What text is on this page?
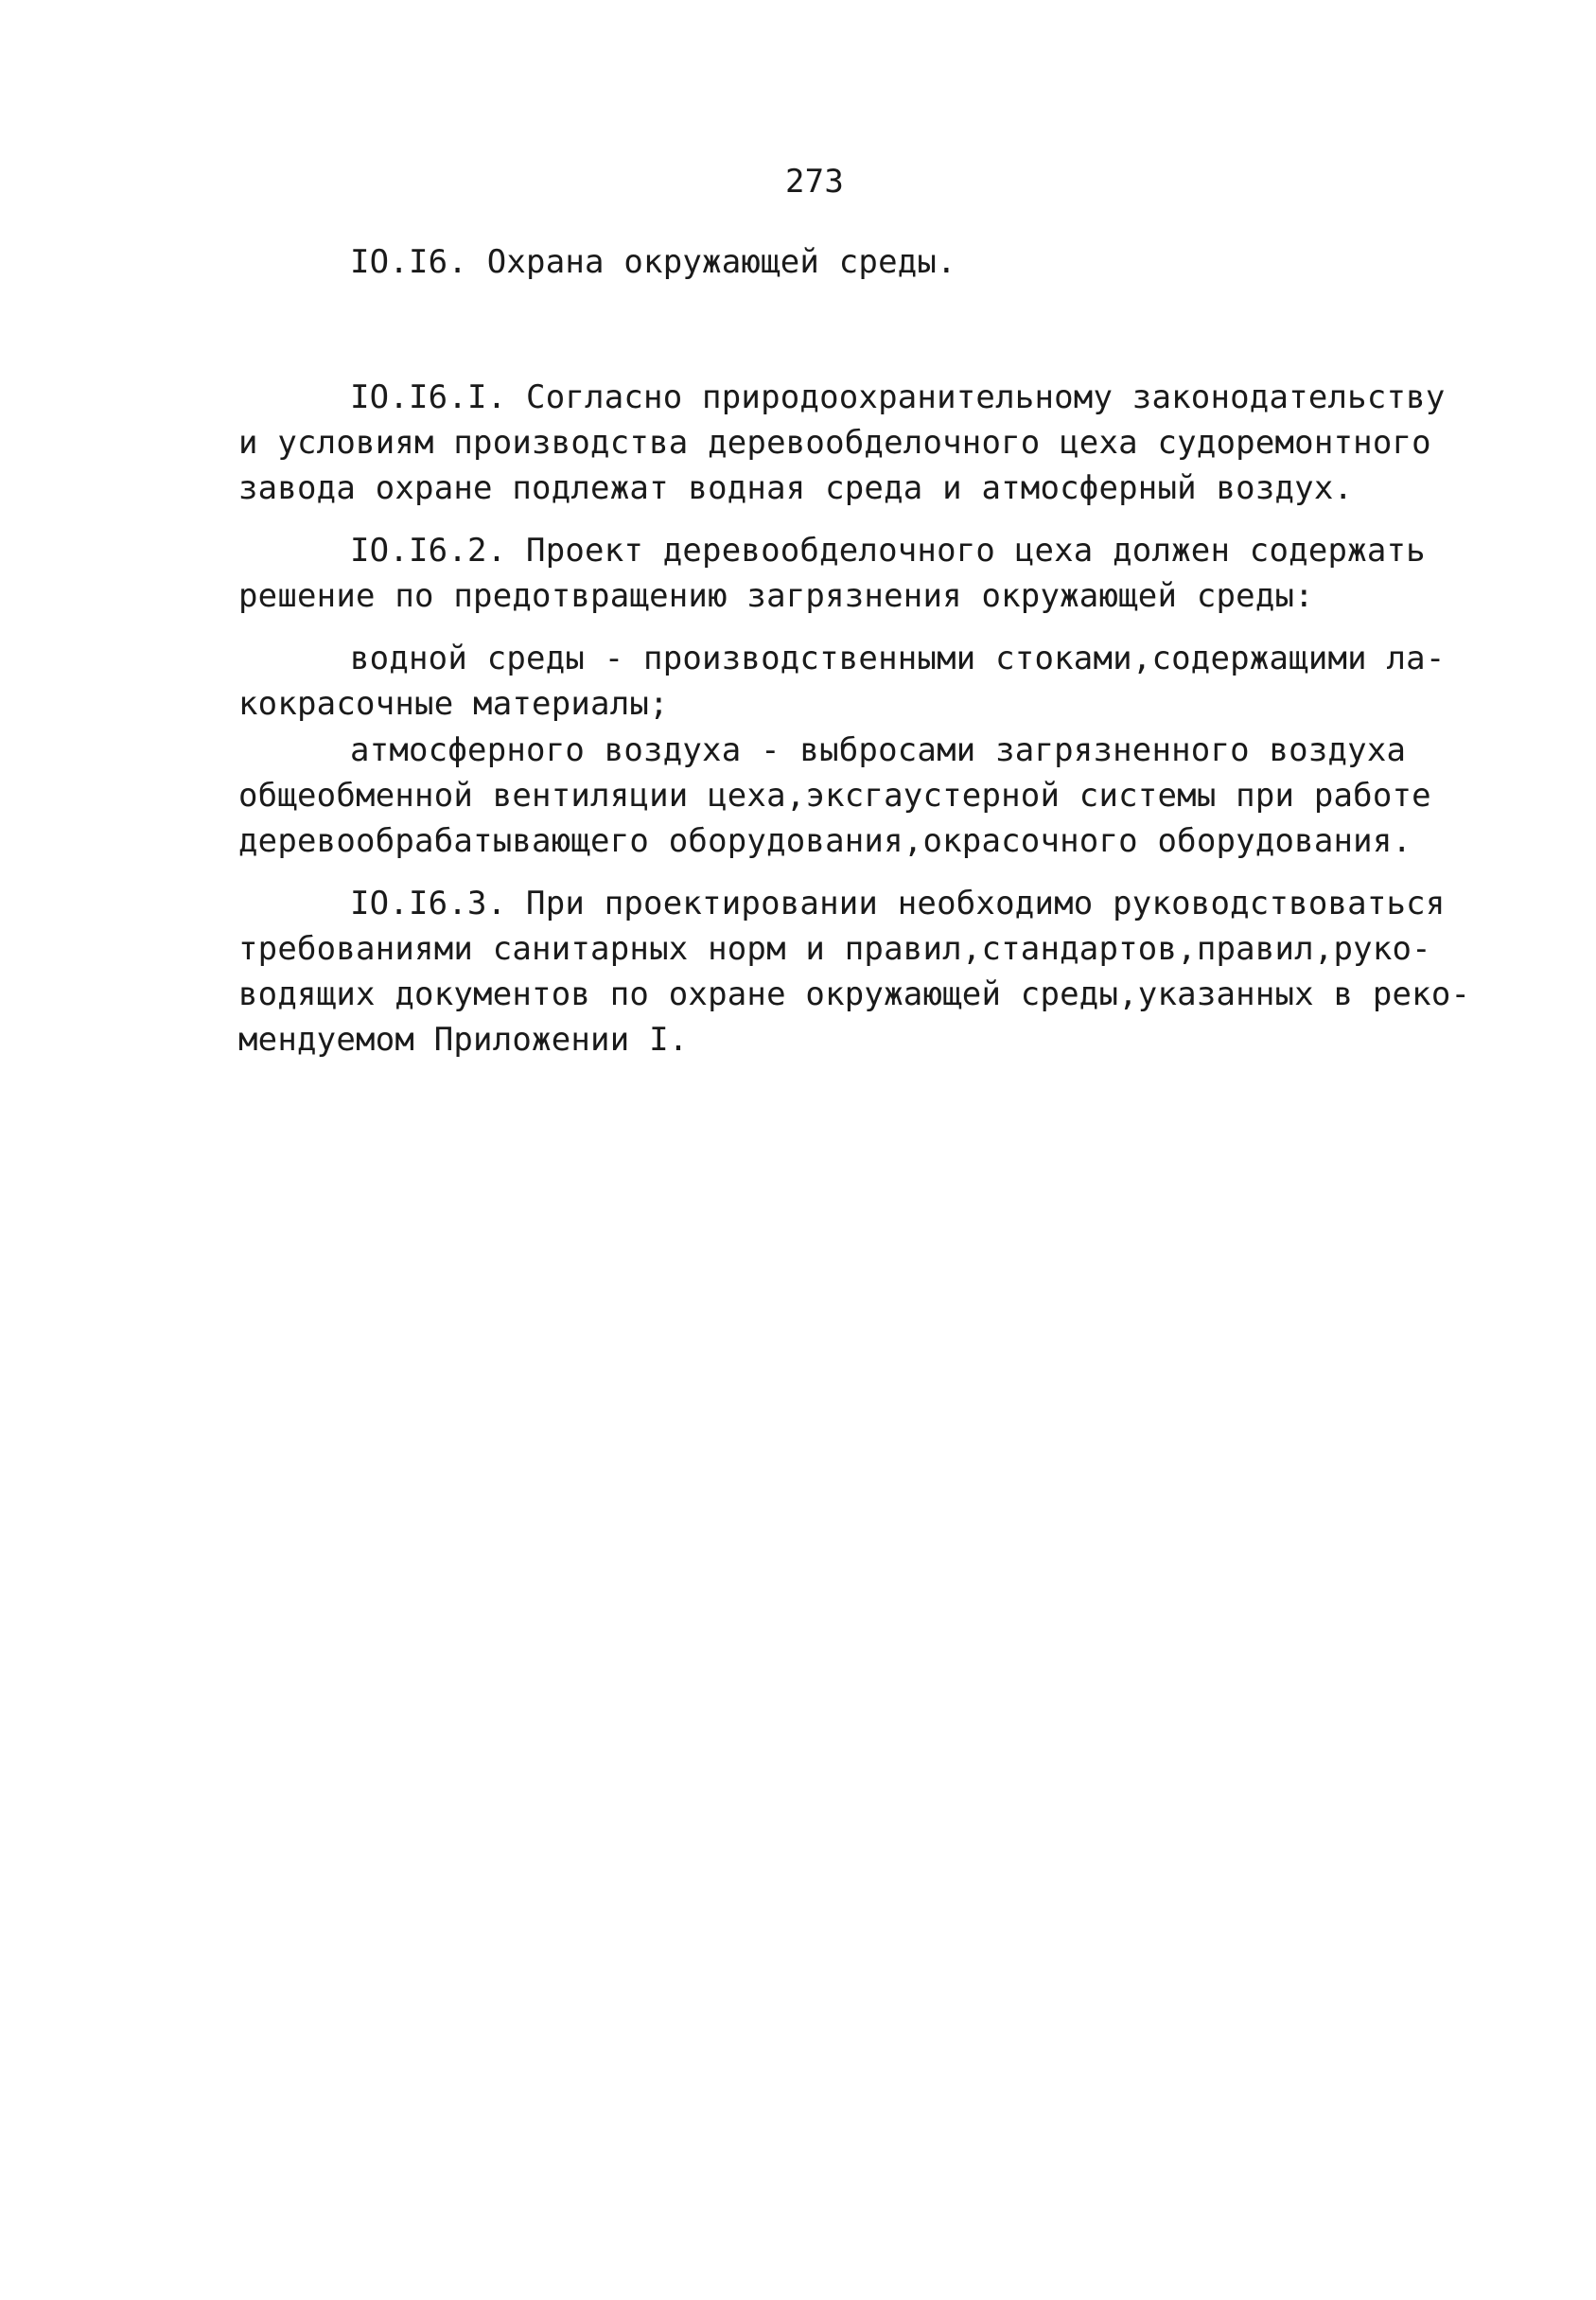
273

IO.I6. Охрана окружающей среды.

IO.I6.I. Согласно природоохранительному законодательству

и условиям производства деревообделочного цеха судоремонтного

завода охране подлежат водная среда и атмосферный воздух.

IO.I6.2. Проект деревообделочного цеха должен содержать

решение по предотвращению загрязнения окружающей среды:

водной среды - производственными стоками,содержащими ла-

кокрасочные материалы;

атмосферного воздуха - выбросами загрязненного воздуха

общеобменной вентиляции цеха,эксгаустерной системы при работе

деревообрабатывающего оборудования,окрасочного оборудования.

IO.I6.3. При проектировании необходимо руководствоваться

требованиями санитарных норм и правил,стандартов,правил,руко-

водящих документов по охране окружающей среды,указанных в реко-

мендуемом Приложении I.
